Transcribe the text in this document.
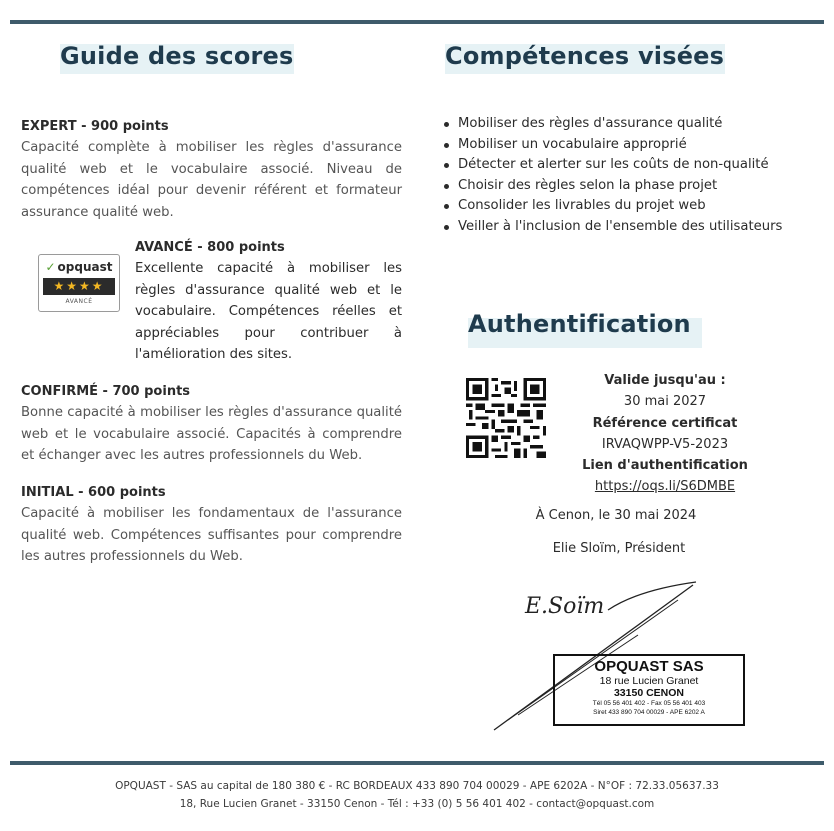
Guide des scores
EXPERT - 900 points
Capacité complète à mobiliser les règles d'assurance qualité web et le vocabulaire associé. Niveau de compétences idéal pour devenir référent et formateur assurance qualité web.
✓ opquast
★★★★
AVANCÉ
AVANCÉ - 800 points
Excellente capacité à mobiliser les règles d'assurance qualité web et le vocabulaire. Compétences réelles et appréciables pour contribuer à l'amélioration des sites.
CONFIRMÉ - 700 points
Bonne capacité à mobiliser les règles d'assurance qualité web et le vocabulaire associé. Capacités à comprendre et échanger avec les autres professionnels du Web.
INITIAL - 600 points
Capacité à mobiliser les fondamentaux de l'assurance qualité web. Compétences suffisantes pour comprendre les autres professionnels du Web.
Compétences visées
Mobiliser des règles d'assurance qualité
Mobiliser un vocabulaire approprié
Détecter et alerter sur les coûts de non-qualité
Choisir des règles selon la phase projet
Consolider les livrables du projet web
Veiller à l'inclusion de l'ensemble des utilisateurs
Authentification
Valide jusqu'au :
30 mai 2027
Référence certificat
IRVAQWPP-V5-2023
Lien d'authentification
https://oqs.li/S6DMBE
À Cenon, le 30 mai 2024
Elie Sloïm, Président
E.Soïm
OPQUAST SAS
18 rue Lucien Granet
33150 CENON
Tél 05 56 401 402 - Fax 05 56 401 403
Siret 433 890 704 00029 - APE 6202 A
OPQUAST - SAS au capital de 180 380 € - RC BORDEAUX 433 890 704 00029 - APE 6202A - N°OF : 72.33.05637.33
18, Rue Lucien Granet - 33150 Cenon - Tél : +33 (0) 5 56 401 402 - contact@opquast.com
